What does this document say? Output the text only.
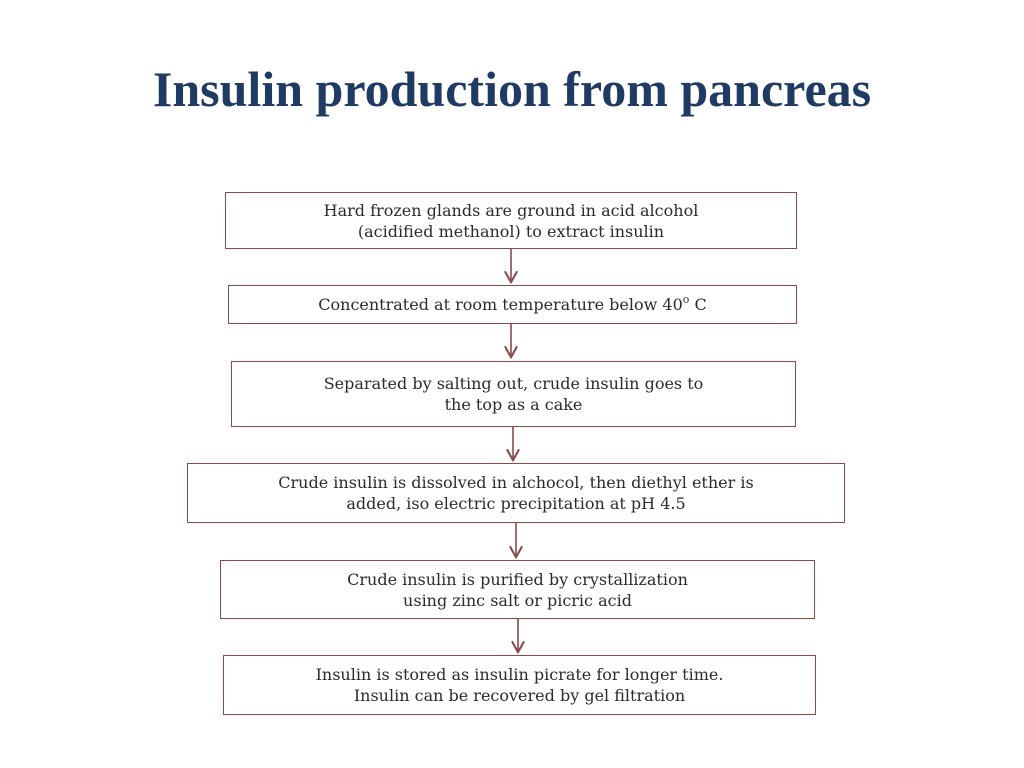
Insulin production from pancreas
Hard frozen glands are ground in acid alcohol
(acidified methanol) to extract insulin
Concentrated at room temperature below 40$^o$ C
Separated by salting out, crude insulin goes to
the top as a cake
Crude insulin is dissolved in alchocol, then diethyl ether is
added, iso electric precipitation at pH 4.5
Crude insulin is purified by crystallization
using zinc salt or picric acid
Insulin is stored as insulin picrate for longer time.
Insulin can be recovered by gel filtration
